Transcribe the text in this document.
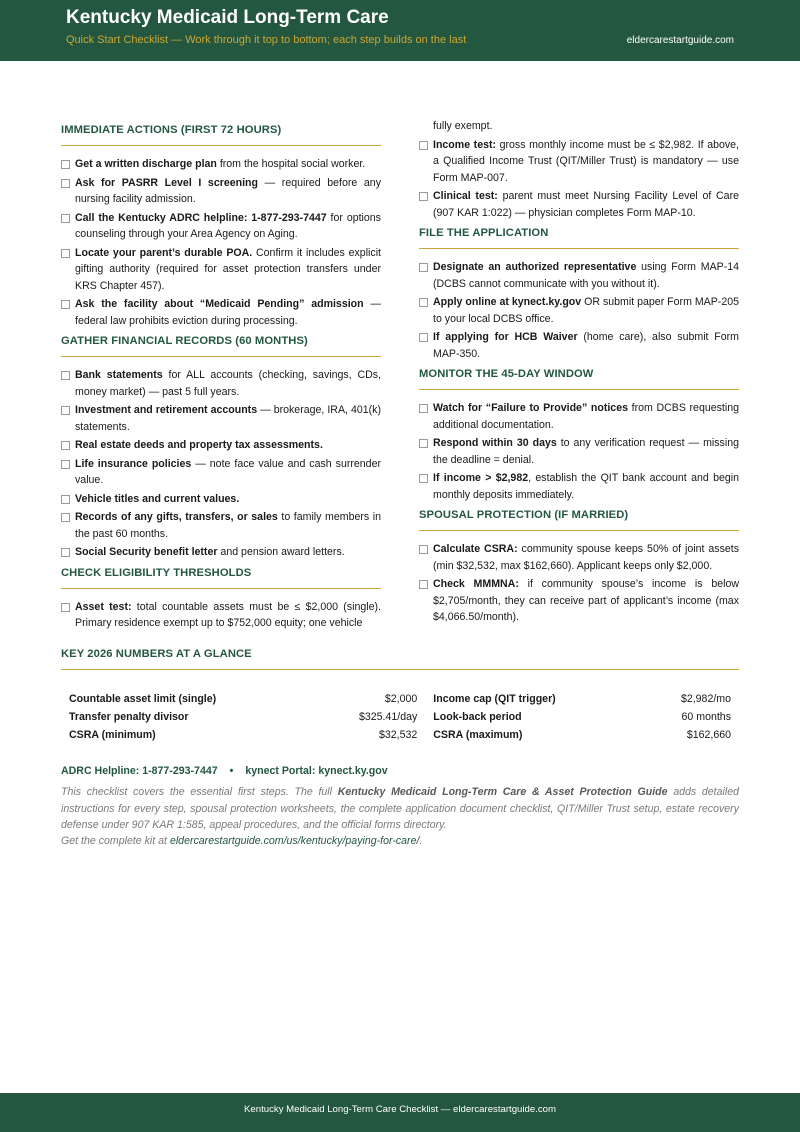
Kentucky Medicaid Long-Term Care
Quick Start Checklist — Work through it top to bottom; each step builds on the last	eldercarestartguide.com
IMMEDIATE ACTIONS (FIRST 72 HOURS)
Get a written discharge plan from the hospital social worker.
Ask for PASRR Level I screening — required before any nursing facility admission.
Call the Kentucky ADRC helpline: 1-877-293-7447 for options counseling through your Area Agency on Aging.
Locate your parent’s durable POA. Confirm it includes explicit gifting authority (required for asset protection transfers under KRS Chapter 457).
Ask the facility about “Medicaid Pending” admission — federal law prohibits eviction during processing.
GATHER FINANCIAL RECORDS (60 MONTHS)
Bank statements for ALL accounts (checking, savings, CDs, money market) — past 5 full years.
Investment and retirement accounts — brokerage, IRA, 401(k) statements.
Real estate deeds and property tax assessments.
Life insurance policies — note face value and cash surrender value.
Vehicle titles and current values.
Records of any gifts, transfers, or sales to family members in the past 60 months.
Social Security benefit letter and pension award letters.
CHECK ELIGIBILITY THRESHOLDS
Asset test: total countable assets must be ≤ $2,000 (single). Primary residence exempt up to $752,000 equity; one vehicle
fully exempt.
Income test: gross monthly income must be ≤ $2,982. If above, a Qualified Income Trust (QIT/Miller Trust) is mandatory — use Form MAP-007.
Clinical test: parent must meet Nursing Facility Level of Care (907 KAR 1:022) — physician completes Form MAP-10.
FILE THE APPLICATION
Designate an authorized representative using Form MAP-14 (DCBS cannot communicate with you without it).
Apply online at kynect.ky.gov OR submit paper Form MAP-205 to your local DCBS office.
If applying for HCB Waiver (home care), also submit Form MAP-350.
MONITOR THE 45-DAY WINDOW
Watch for “Failure to Provide” notices from DCBS requesting additional documentation.
Respond within 30 days to any verification request — missing the deadline = denial.
If income > $2,982, establish the QIT bank account and begin monthly deposits immediately.
SPOUSAL PROTECTION (IF MARRIED)
Calculate CSRA: community spouse keeps 50% of joint assets (min $32,532, max $162,660). Applicant keeps only $2,000.
Check MMMNA: if community spouse’s income is below $2,705/month, they can receive part of applicant’s income (max $4,066.50/month).
KEY 2026 NUMBERS AT A GLANCE
Countable asset limit (single)	$2,000	Income cap (QIT trigger)	$2,982/mo
Transfer penalty divisor	$325.41/day	Look-back period	60 months
CSRA (minimum)	$32,532	CSRA (maximum)	$162,660
ADRC Helpline: 1-877-293-7447 • kynect Portal: kynect.ky.gov
This checklist covers the essential first steps. The full Kentucky Medicaid Long-Term Care & Asset Protection Guide adds detailed instructions for every step, spousal protection worksheets, the complete application document checklist, QIT/Miller Trust setup, estate recovery defense under 907 KAR 1:585, appeal procedures, and the official forms directory.
Get the complete kit at eldercarestartguide.com/us/kentucky/paying-for-care/.
Kentucky Medicaid Long-Term Care Checklist — eldercarestartguide.com
